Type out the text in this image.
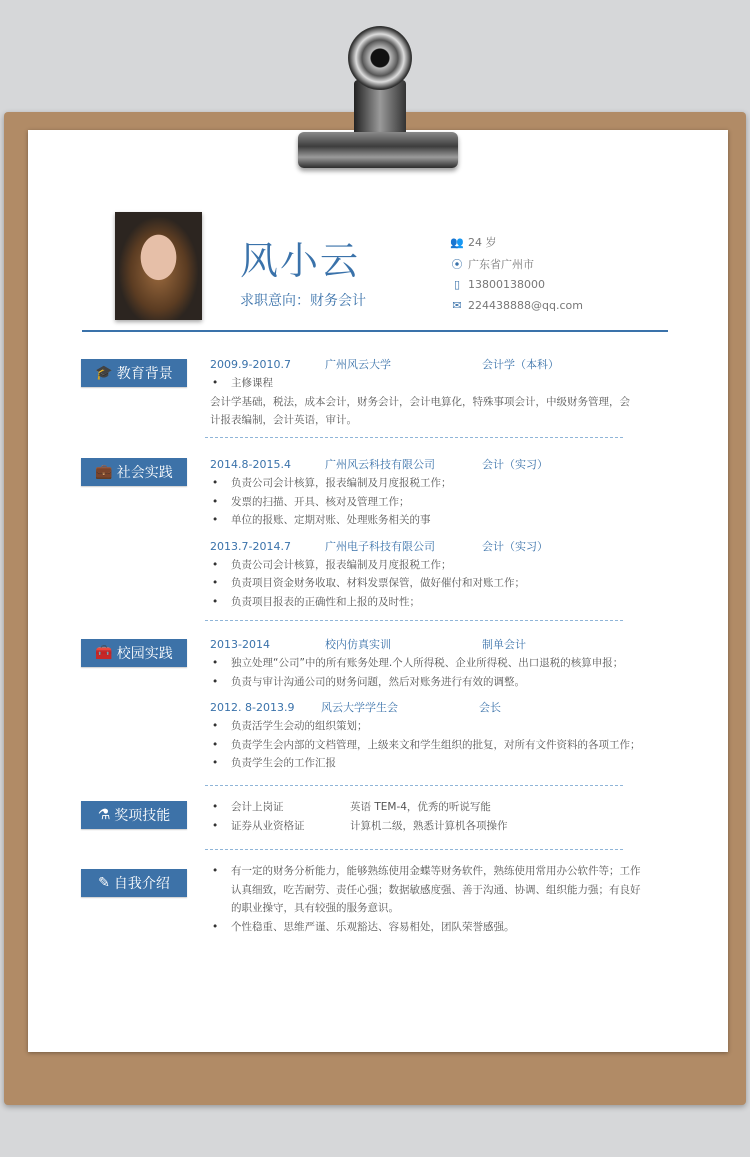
风小云
求职意向：财务会计
👥 24 岁
⦿ 广东省广州市
▯ 13800138000
✉ 224438888@qq.com
🎓 教育背景
2009.9-2010.7	广州风云大学	会计学（本科）
• 主修课程
会计学基础，税法，成本会计，财务会计，会计电算化，特殊事项会计，中级财务管理，会计报表编制，会计英语，审计。
💼 社会实践
2014.8-2015.4	广州风云科技有限公司	会计（实习）
• 负责公司会计核算，报表编制及月度报税工作；
• 发票的扫描、开具、核对及管理工作；
• 单位的报账、定期对账、处理账务相关的事
2013.7-2014.7	广州电子科技有限公司	会计（实习）
• 负责公司会计核算，报表编制及月度报税工作；
• 负责项目资金财务收取、材料发票保管，做好催付和对账工作；
• 负责项目报表的正确性和上报的及时性；
🧰 校园实践
2013-2014	校内仿真实训	制单会计
• 独立处理“公司”中的所有账务处理.个人所得税、企业所得税、出口退税的核算申报；
• 负责与审计沟通公司的财务问题，然后对账务进行有效的调整。
2012. 8-2013.9 风云大学学生会	会长
• 负责活学生会动的组织策划；
• 负责学生会内部的文档管理，上级来文和学生组织的批复，对所有文件资料的各项工作；
• 负责学生会的工作汇报
⚗ 奖项技能
• 会计上岗证	英语 TEM-4，优秀的听说写能
• 证券从业资格证	计算机二级，熟悉计算机各项操作
✎ 自我介绍
• 有一定的财务分析能力，能够熟练使用金蝶等财务软件，熟练使用常用办公软件等；工作认真细致，吃苦耐劳、责任心强；数据敏感度强、善于沟通、协调、组织能力强；有良好的职业操守，具有较强的服务意识。
• 个性稳重、思维严谨、乐观豁达、容易相处，团队荣誉感强。
